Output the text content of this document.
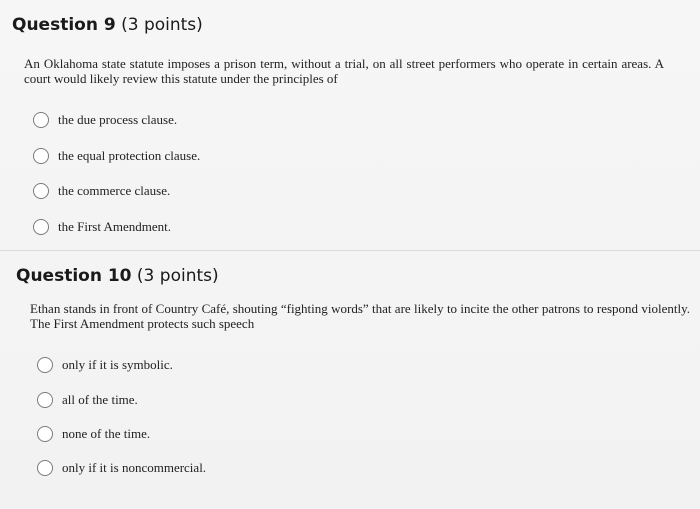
Question 9 (3 points)
An Oklahoma state statute imposes a prison term, without a trial, on all street performers who operate in certain areas. A court would likely review this statute under the principles of
the due process clause.
the equal protection clause.
the commerce clause.
the First Amendment.
Question 10 (3 points)
Ethan stands in front of Country Café, shouting “fighting words” that are likely to incite the other patrons to respond violently. The First Amendment protects such speech
only if it is symbolic.
all of the time.
none of the time.
only if it is noncommercial.
